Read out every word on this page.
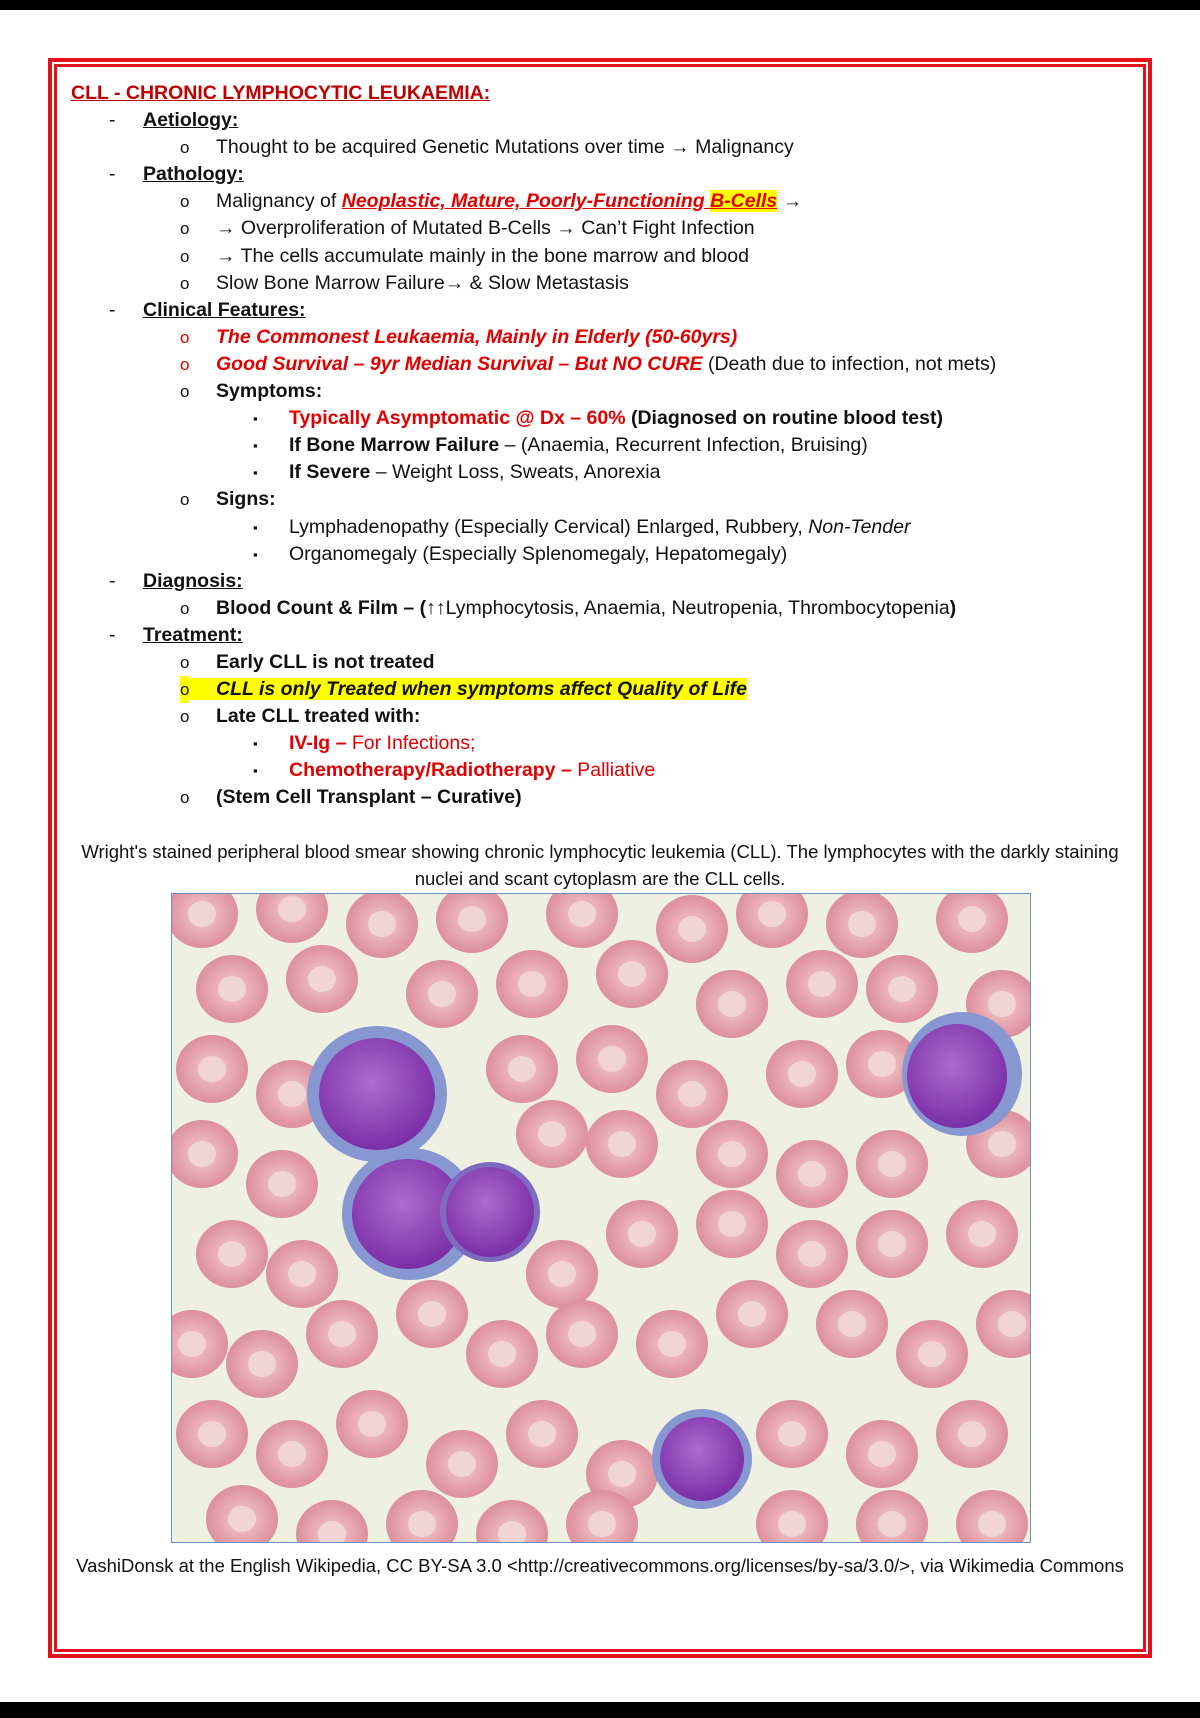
CLL - CHRONIC LYMPHOCYTIC LEUKAEMIA:
- Aetiology:
o Thought to be acquired Genetic Mutations over time → Malignancy
- Pathology:
o Malignancy of Neoplastic, Mature, Poorly-Functioning B-Cells →
o → Overproliferation of Mutated B-Cells → Can’t Fight Infection
o → The cells accumulate mainly in the bone marrow and blood
o Slow Bone Marrow Failure→ & Slow Metastasis
- Clinical Features:
o The Commonest Leukaemia, Mainly in Elderly (50-60yrs)
o Good Survival – 9yr Median Survival – But NO CURE (Death due to infection, not mets)
o Symptoms:
▪ Typically Asymptomatic @ Dx – 60% (Diagnosed on routine blood test)
▪ If Bone Marrow Failure – (Anaemia, Recurrent Infection, Bruising)
▪ If Severe – Weight Loss, Sweats, Anorexia
o Signs:
▪ Lymphadenopathy (Especially Cervical) Enlarged, Rubbery, Non-Tender
▪ Organomegaly (Especially Splenomegaly, Hepatomegaly)
- Diagnosis:
o Blood Count & Film – (↑↑Lymphocytosis, Anaemia, Neutropenia, Thrombocytopenia)
- Treatment:
o Early CLL is not treated
o CLL is only Treated when symptoms affect Quality of Life
o Late CLL treated with:
▪ IV-Ig – For Infections;
▪ Chemotherapy/Radiotherapy – Palliative
o (Stem Cell Transplant – Curative)
Wright's stained peripheral blood smear showing chronic lymphocytic leukemia (CLL). The lymphocytes with the darkly staining nuclei and scant cytoplasm are the CLL cells.
VashiDonsk at the English Wikipedia, CC BY-SA 3.0 <http://creativecommons.org/licenses/by-sa/3.0/>, via Wikimedia Commons
